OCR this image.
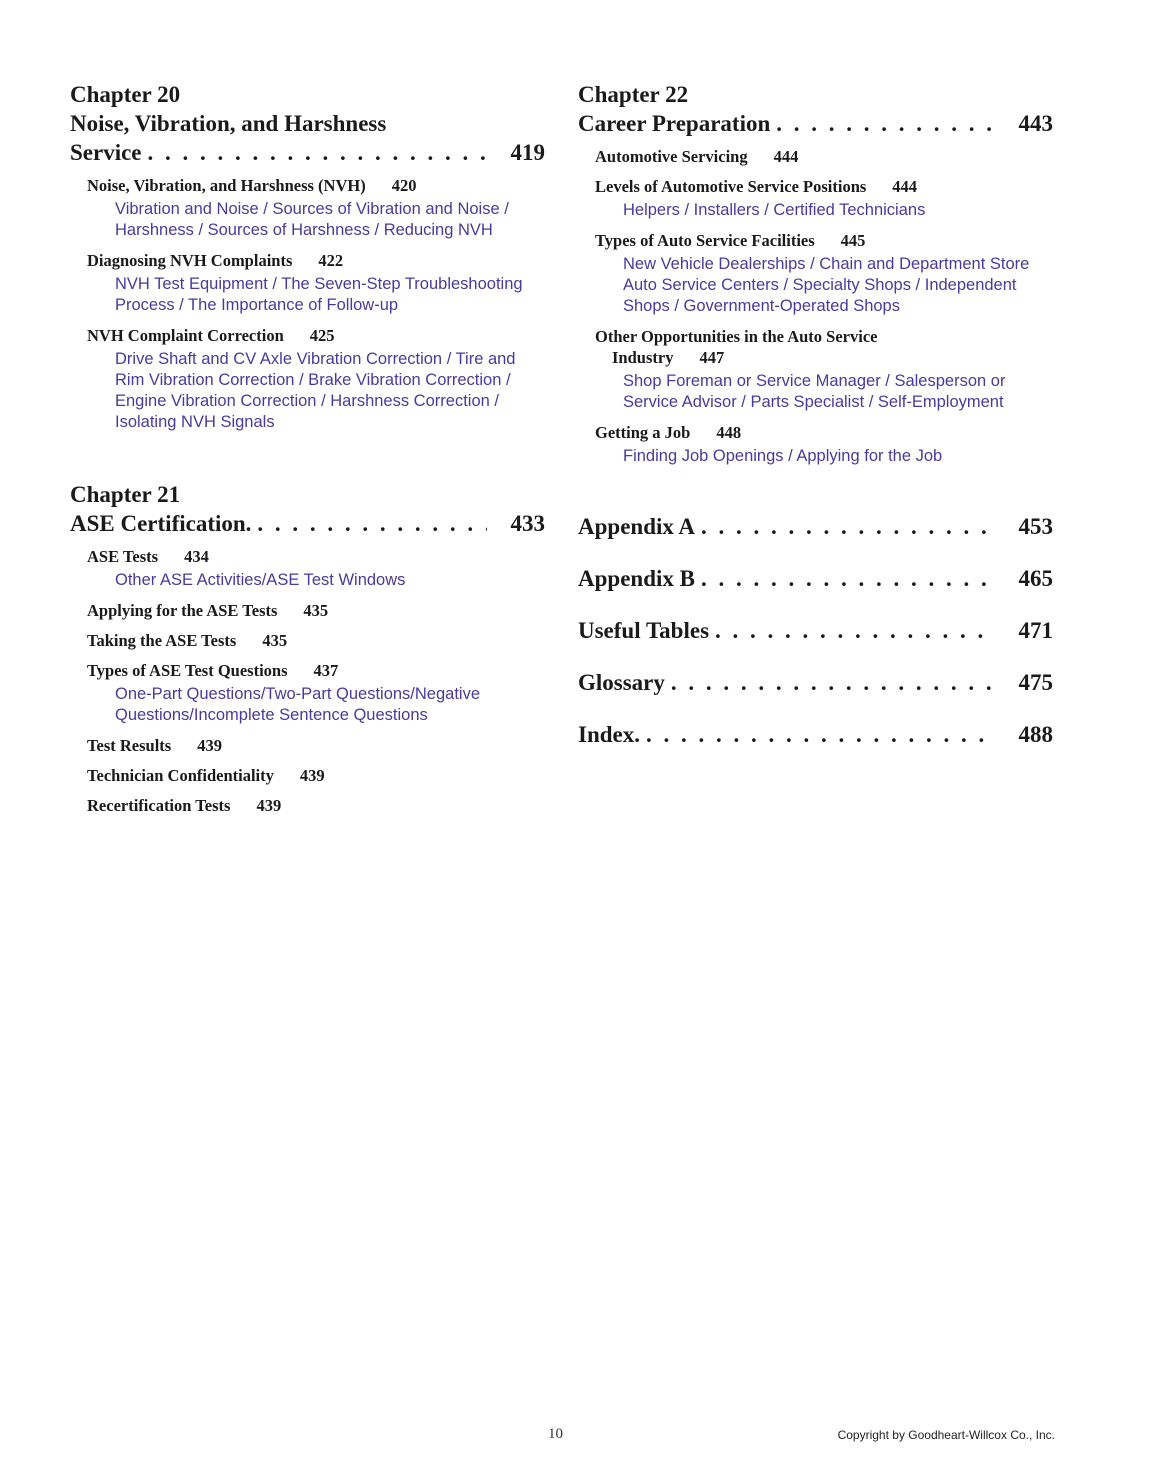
Chapter 20
Noise, Vibration, and Harshness
Service . . .	419
Noise, Vibration, and Harshness (NVH) 420
Vibration and Noise / Sources of Vibration and Noise / Harshness / Sources of Harshness / Reducing NVH
Diagnosing NVH Complaints 422
NVH Test Equipment / The Seven-Step Troubleshooting Process / The Importance of Follow-up
NVH Complaint Correction 425
Drive Shaft and CV Axle Vibration Correction / Tire and Rim Vibration Correction / Brake Vibration Correction / Engine Vibration Correction / Harshness Correction / Isolating NVH Signals
Chapter 21
ASE Certification. . . .	433
ASE Tests 434
Other ASE Activities/ASE Test Windows
Applying for the ASE Tests 435
Taking the ASE Tests 435
Types of ASE Test Questions 437
One-Part Questions/Two-Part Questions/Negative Questions/Incomplete Sentence Questions
Test Results 439
Technician Confidentiality 439
Recertification Tests 439
Chapter 22
Career Preparation . . .	443
Automotive Servicing 444
Levels of Automotive Service Positions 444
Helpers / Installers / Certified Technicians
Types of Auto Service Facilities 445
New Vehicle Dealerships / Chain and Department Store Auto Service Centers / Specialty Shops / Independent Shops / Government-Operated Shops
Other Opportunities in the Auto Service
Industry 447
Shop Foreman or Service Manager / Salesperson or Service Advisor / Parts Specialist / Self-Employment
Getting a Job 448
Finding Job Openings / Applying for the Job
Appendix A . . .	453
Appendix B . . .	465
Useful Tables . . .	471
Glossary . . .	475
Index. . . .	488
10	Copyright by Goodheart-Willcox Co., Inc.
